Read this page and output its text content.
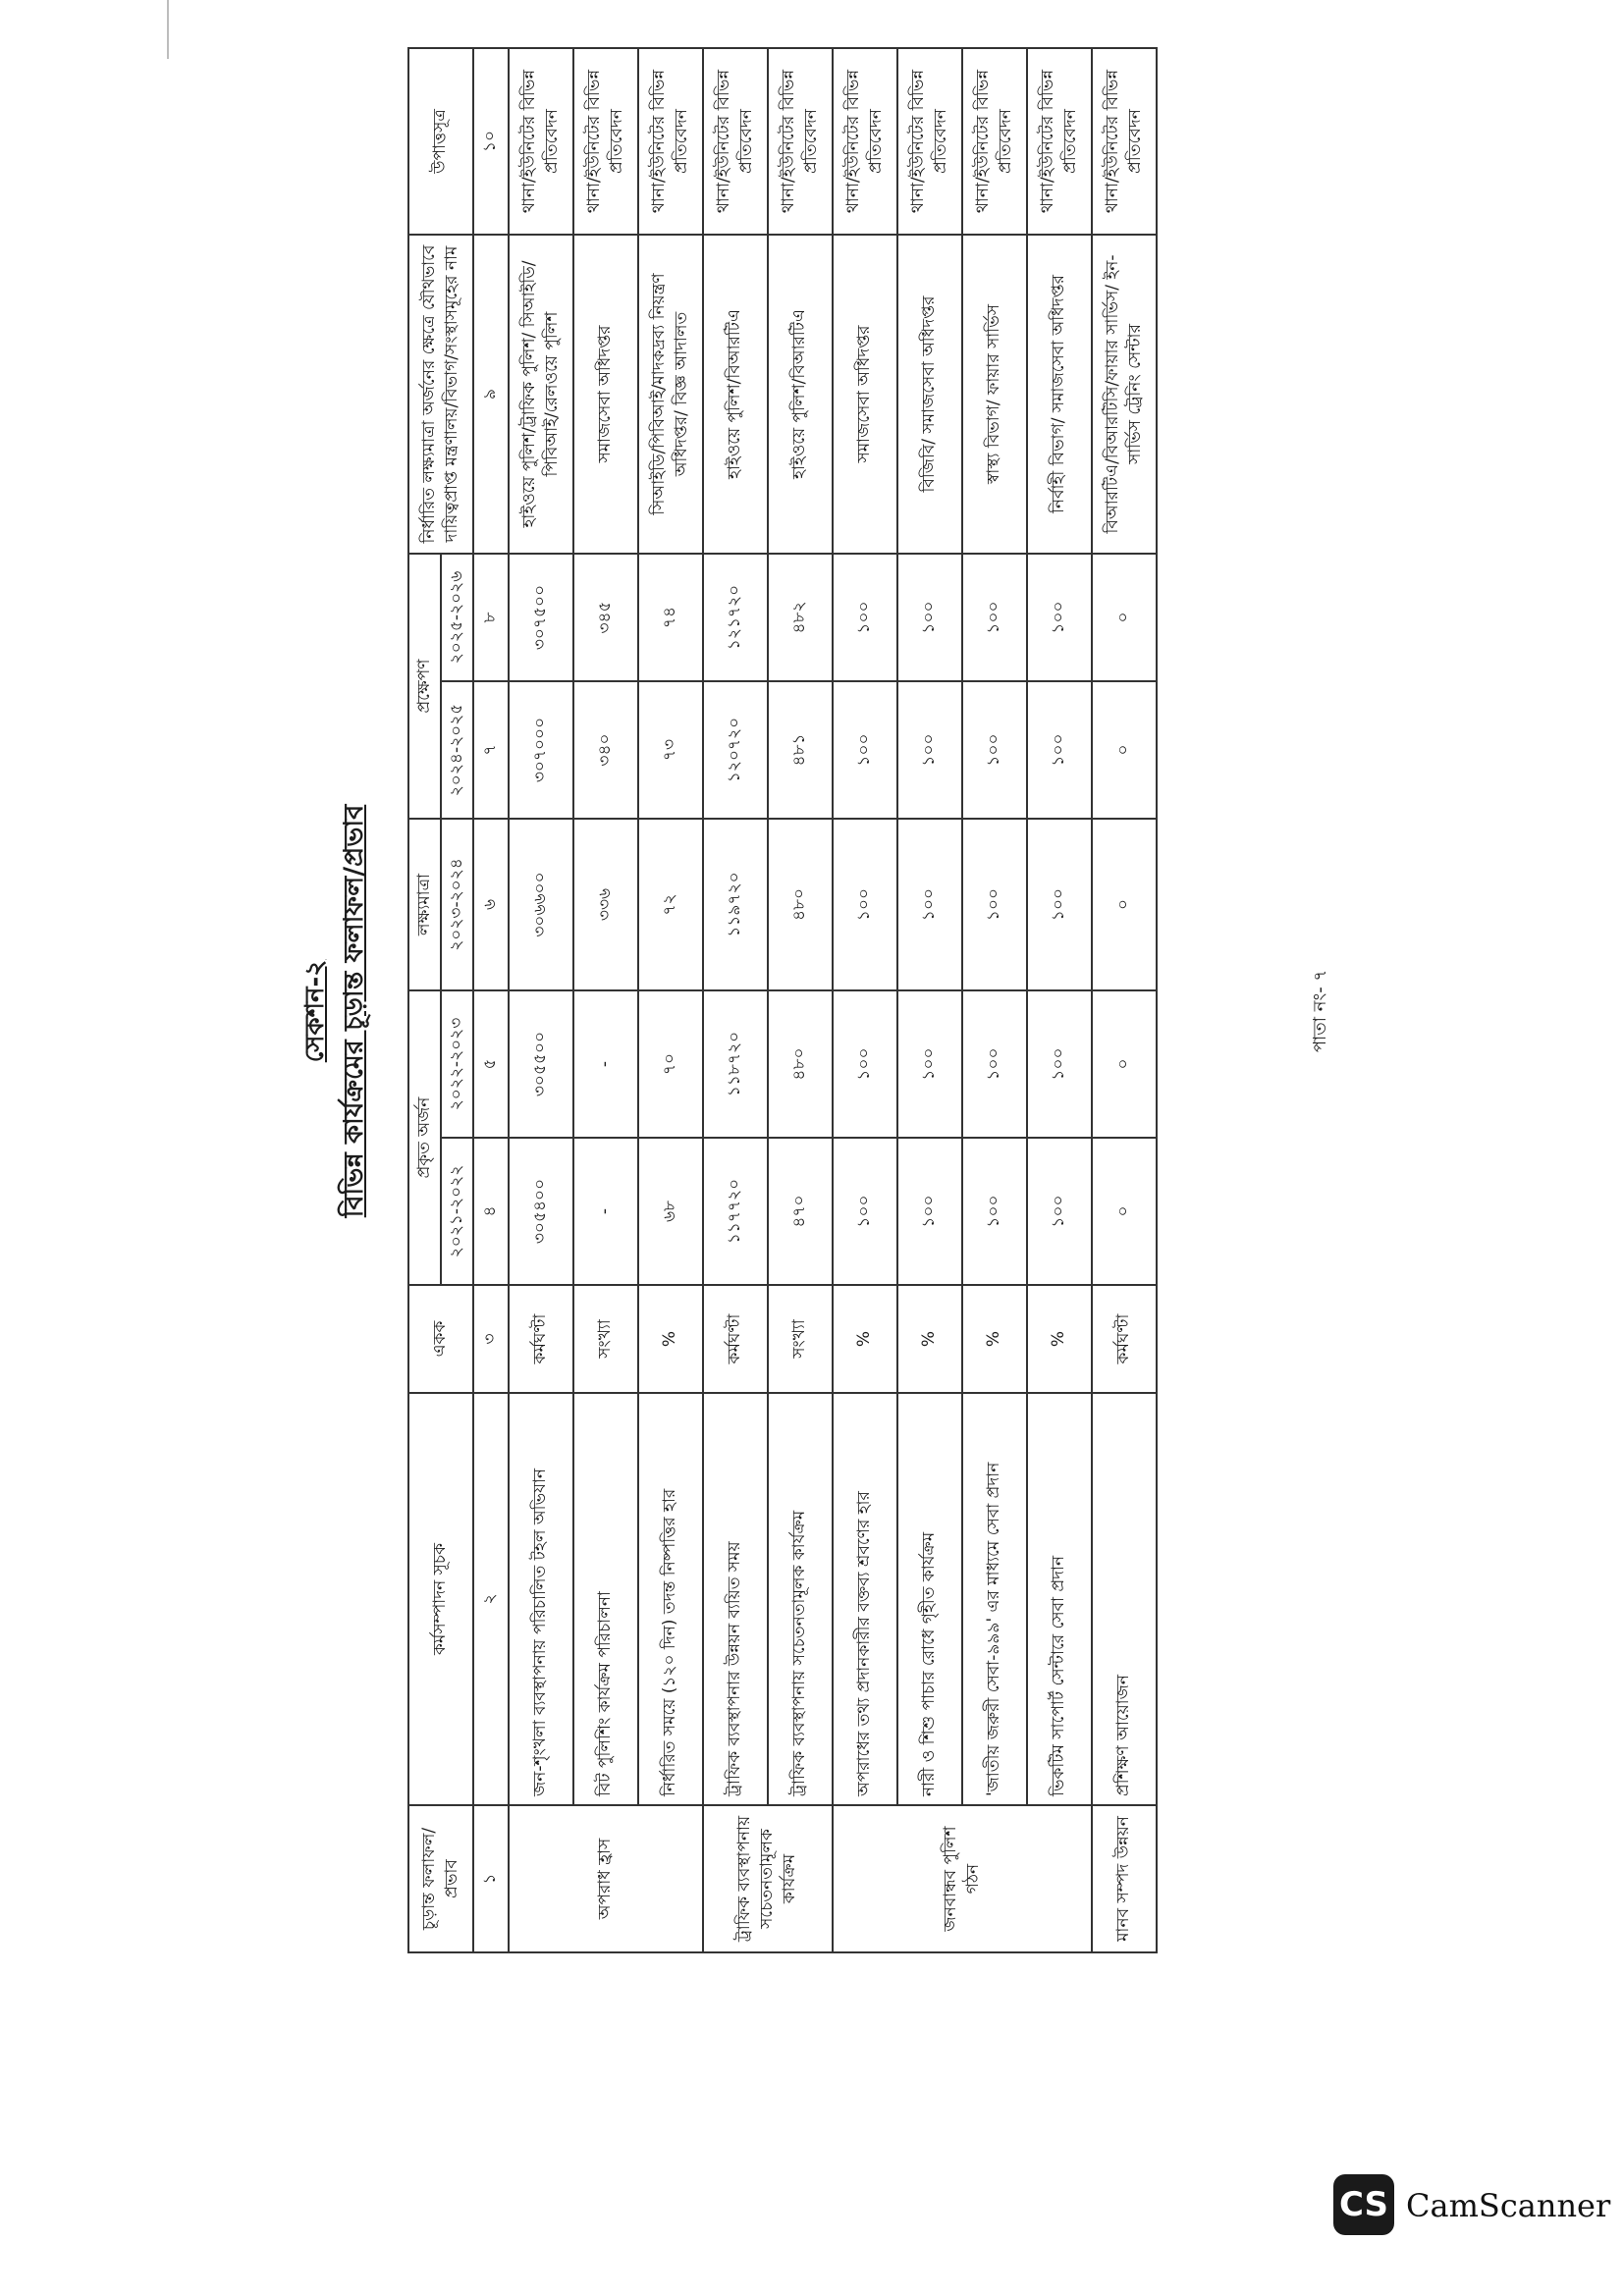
সেকশন-২ বিভিন্ন কার্যক্রমের চূড়ান্ত ফলাফল/প্রভাব
চূড়ান্ত ফলাফল/প্রভাব	কর্মসম্পাদন সূচক	একক	প্রকৃত অর্জন		লক্ষ্যমাত্রা	প্রক্ষেপণ		নির্ধারিত লক্ষ্যমাত্রা অর্জনের ক্ষেত্রে যৌথভাবে দায়িত্বপ্রাপ্ত মন্ত্রণালয়/বিভাগ/সংস্থাসমূহের নাম	উপাত্তসূত্র
			২০২১-২০২২	২০২২-২০২৩	২০২৩-২০২৪	২০২৪-২০২৫	২০২৫-২০২৬		
১	২	৩	৪	৫	৬	৭	৮	৯	১০
অপরাধ হ্রাস	জন-শৃংখলা ব্যবস্থাপনায় পরিচালিত টহল অভিযান	কর্মঘণ্টা	৩০৫৪০০	৩০৫৫০০	৩০৬৬০০	৩০৭০০০	৩০৭৫০০	হাইওয়ে পুলিশ/ট্রাফিক পুলিশ/ সিআইডি/পিবিআই/রেলওয়ে পুলিশ	থানা/ইউনিটের বিভিন্ন প্রতিবেদন
	বিট পুলিশিং কার্যক্রম পরিচালনা	সংখ্যা	-	-	৩৩৬	৩৪০	৩৪৫	সমাজসেবা অধিদপ্তর	থানা/ইউনিটের বিভিন্ন প্রতিবেদন
	নির্ধারিত সময়ে (১২০ দিন) তদন্ত নিষ্পত্তির হার	%	৬৮	৭০	৭২	৭৩	৭৪	সিআইডি/পিবিআই/মাদকদ্রব্য নিয়ন্ত্রণ অধিদপ্তর/ বিজ্ঞ আদালত	থানা/ইউনিটের বিভিন্ন প্রতিবেদন
ট্রাফিক ব্যবস্থাপনায় সচেতনতামূলক কার্যক্রম	ট্রাফিক ব্যবস্থাপনার উন্নয়ন ব্যয়িত সময়	কর্মঘণ্টা	১১৭৭২০	১১৮৭২০	১১৯৭২০	১২০৭২০	১২১৭২০	হাইওয়ে পুলিশ/বিআরটিএ	থানা/ইউনিটের বিভিন্ন প্রতিবেদন
	ট্রাফিক ব্যবস্থাপনায় সচেতনতামূলক কার্যক্রম	সংখ্যা	৪৭০	৪৮০	৪৮০	৪৮১	৪৮২	হাইওয়ে পুলিশ/বিআরটিএ	থানা/ইউনিটের বিভিন্ন প্রতিবেদন
জনবান্ধব পুলিশ গঠন	অপরাধের তথ্য প্রদানকারীর বক্তব্য শ্রবণের হার	%	১০০	১০০	১০০	১০০	১০০	সমাজসেবা অধিদপ্তর	থানা/ইউনিটের বিভিন্ন প্রতিবেদন
	নারী ও শিশু পাচার রোধে গৃহীত কার্যক্রম	%	১০০	১০০	১০০	১০০	১০০	বিজিবি/ সমাজসেবা অধিদপ্তর	থানা/ইউনিটের বিভিন্ন প্রতিবেদন
	'জাতীয় জরুরী সেবা-৯৯৯' এর মাধ্যমে সেবা প্রদান	%	১০০	১০০	১০০	১০০	১০০	স্বাস্থ্য বিভাগ/ ফায়ার সার্ভিস	থানা/ইউনিটের বিভিন্ন প্রতিবেদন
	ভিকটিম সাপোর্ট সেন্টারে সেবা প্রদান	%	১০০	১০০	১০০	১০০	১০০	নির্বাহী বিভাগ/ সমাজসেবা অধিদপ্তর	থানা/ইউনিটের বিভিন্ন প্রতিবেদন
মানব সম্পদ উন্নয়ন	প্রশিক্ষণ আয়োজন	কর্মঘণ্টা	০	০	০	০	০	বিআরটিএ/বিআরটিসি/ফায়ার সার্ভিস/ ইন-সার্ভিস ট্রেনিং সেন্টার	থানা/ইউনিটের বিভিন্ন প্রতিবেদন
পাতা নং- ৭
CS CamScanner
